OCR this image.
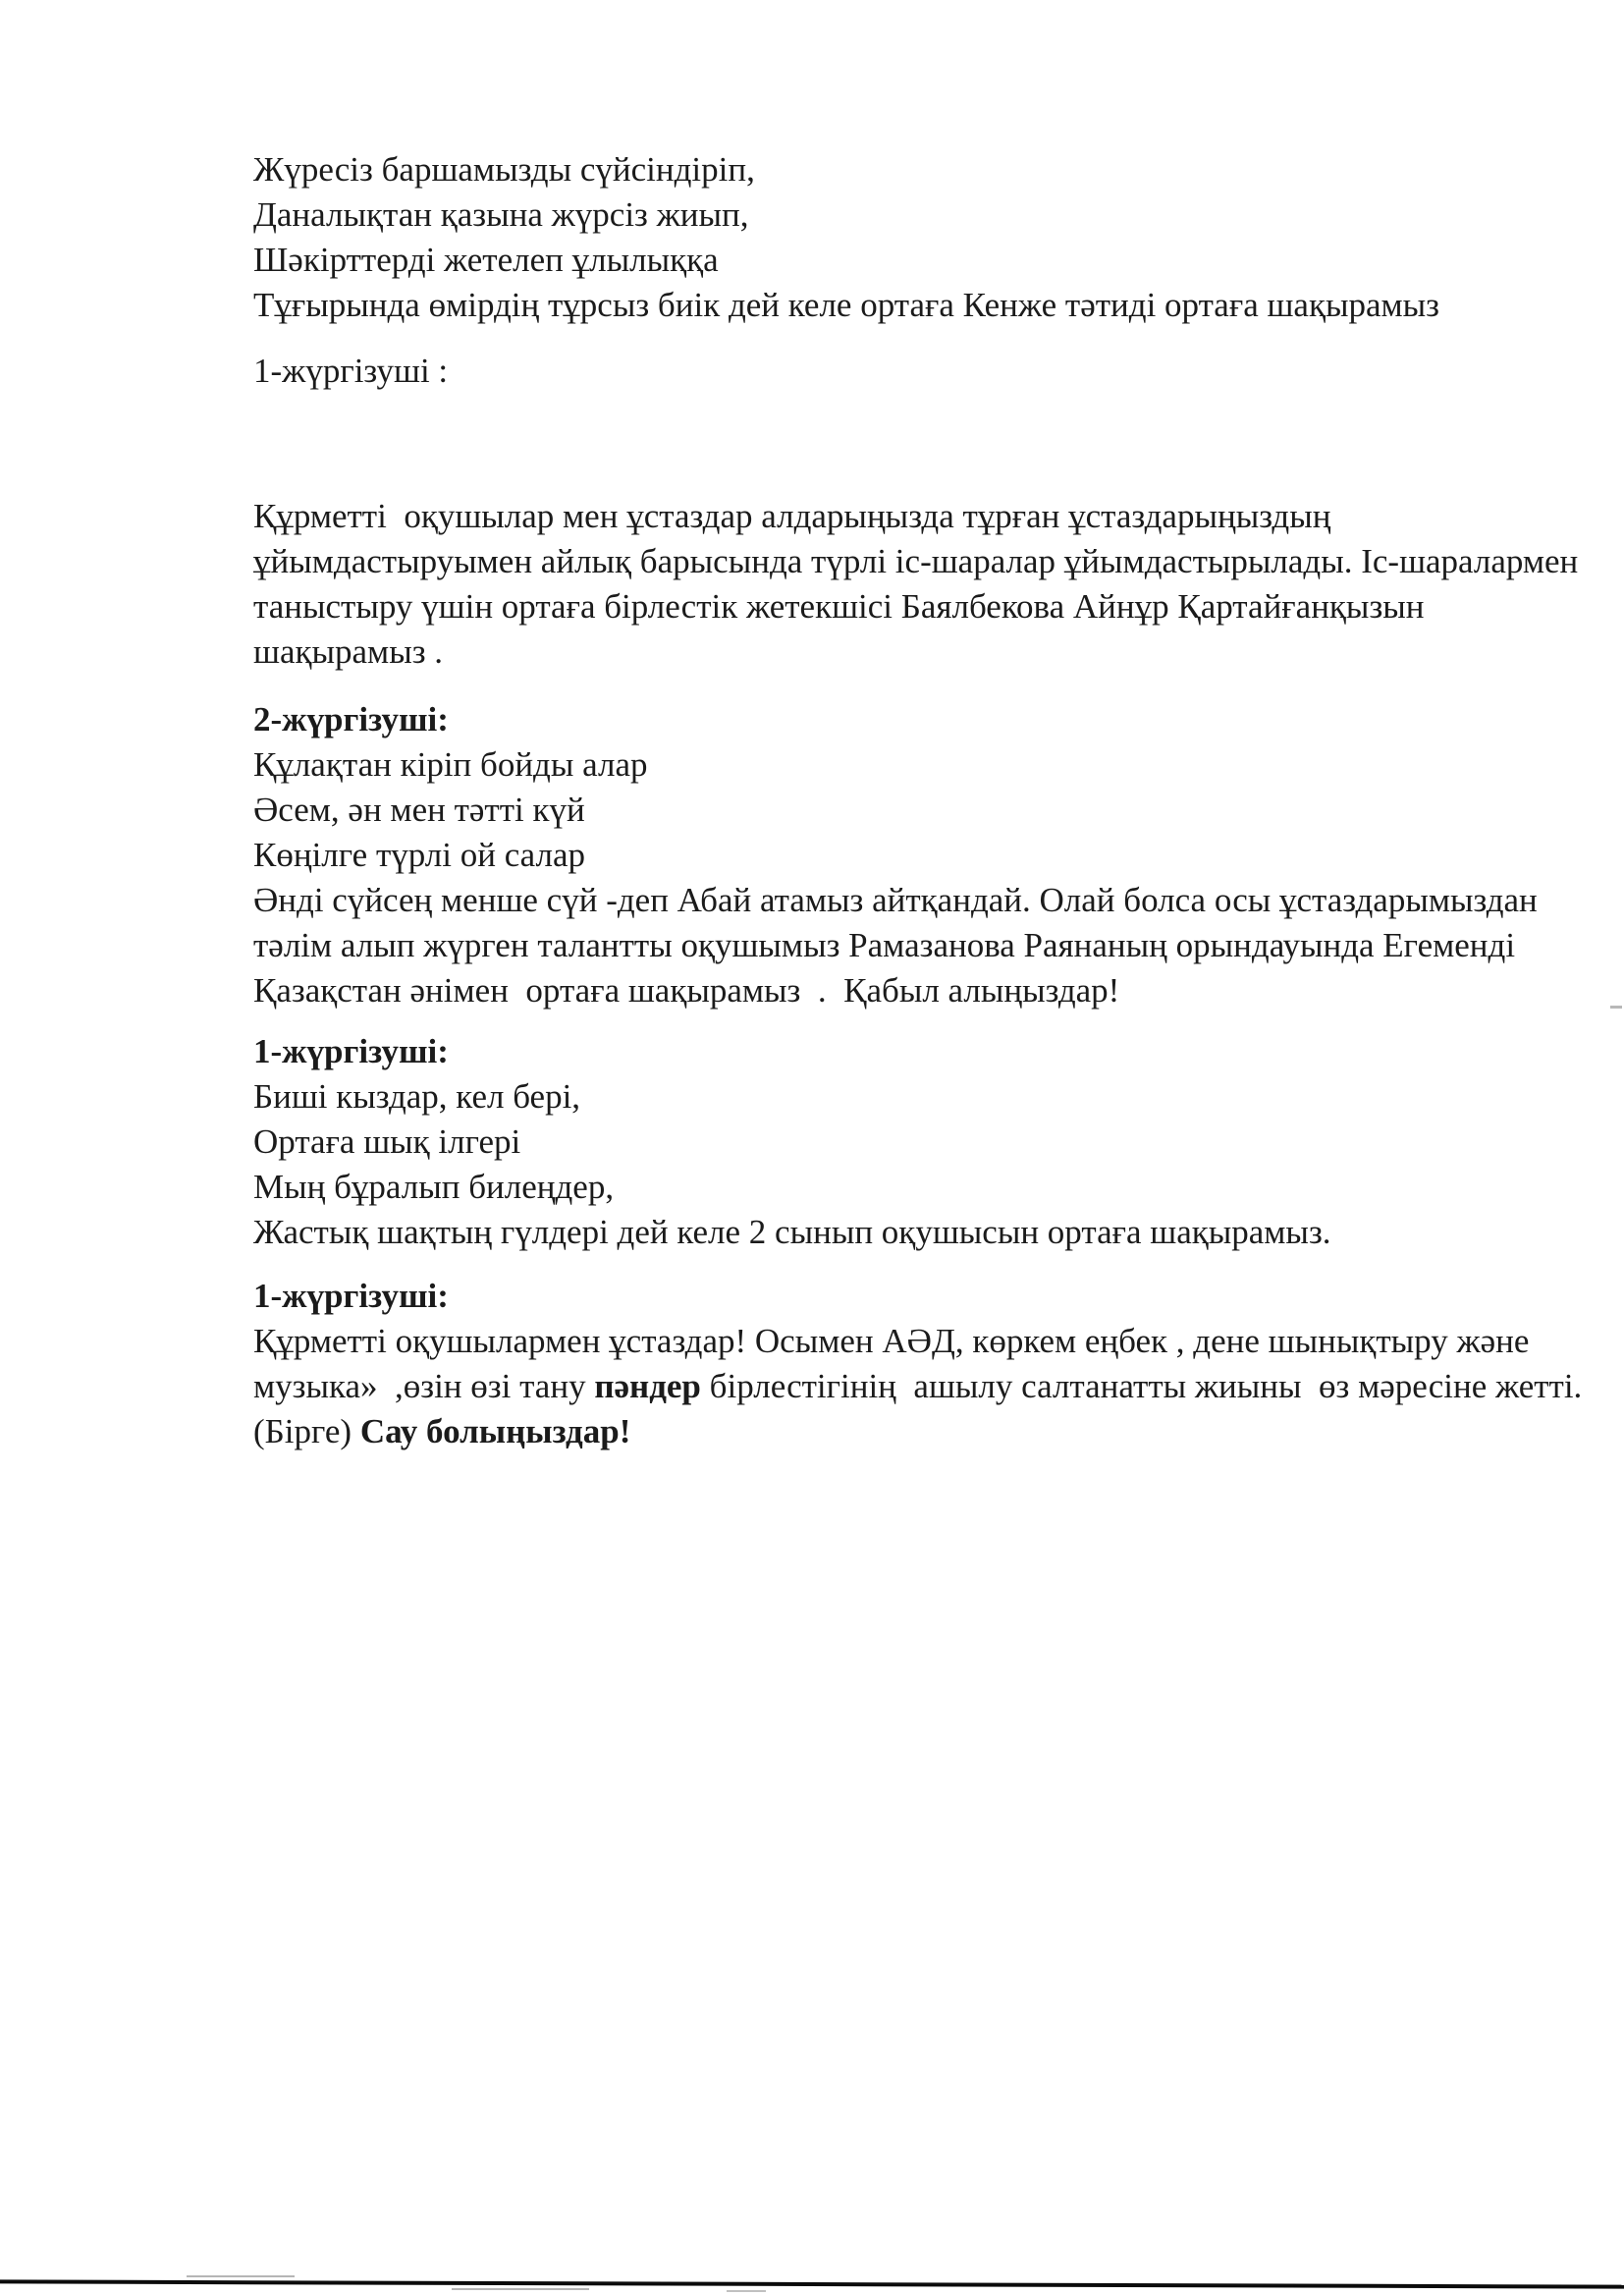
Жүресіз баршамызды сүйсіндіріп,
Даналықтан қазына жүрсіз жиып,
Шәкірттерді жетелеп ұлылыққа
Тұғырында өмірдің тұрсыз биік дей келе ортаға Кенже тәтиді ортаға шақырамыз
1-жүргізуші :
Құрметті  оқушылар мен ұстаздар алдарыңызда тұрған ұстаздарыңыздың
ұйымдастыруымен айлық барысында түрлі іс-шаралар ұйымдастырылады. Іс-шаралармен
таныстыру үшін ортаға бірлестік жетекшісі Баялбекова Айнұр Қартайғанқызын
шақырамыз .
2-жүргізуші:
Құлақтан кіріп бойды алар
Әсем, ән мен тәтті күй
Көңілге түрлі ой салар
Әнді сүйсең менше сүй -деп Абай атамыз айтқандай. Олай болса осы ұстаздарымыздан
тәлім алып жүрген талантты оқушымыз Рамазанова Раянаның орындауында Егеменді
Қазақстан әнімен  ортаға шақырамыз  .  Қабыл алыңыздар!
1-жүргізуші:
Биші кыздар, кел бері,
Ортаға шық ілгері
Мың бұралып билеңдер,
Жастық шақтың гүлдері дей келе 2 сынып оқушысын ортаға шақырамыз.
1-жүргізуші:
Құрметті оқушылармен ұстаздар! Осымен АӘД, көркем еңбек , дене шынықтыру және
музыка»  ,өзін өзі тану пәндер бірлестігінің  ашылу салтанатты жиыны  өз мәресіне жетті.
(Бірге) Сау болыңыздар!
